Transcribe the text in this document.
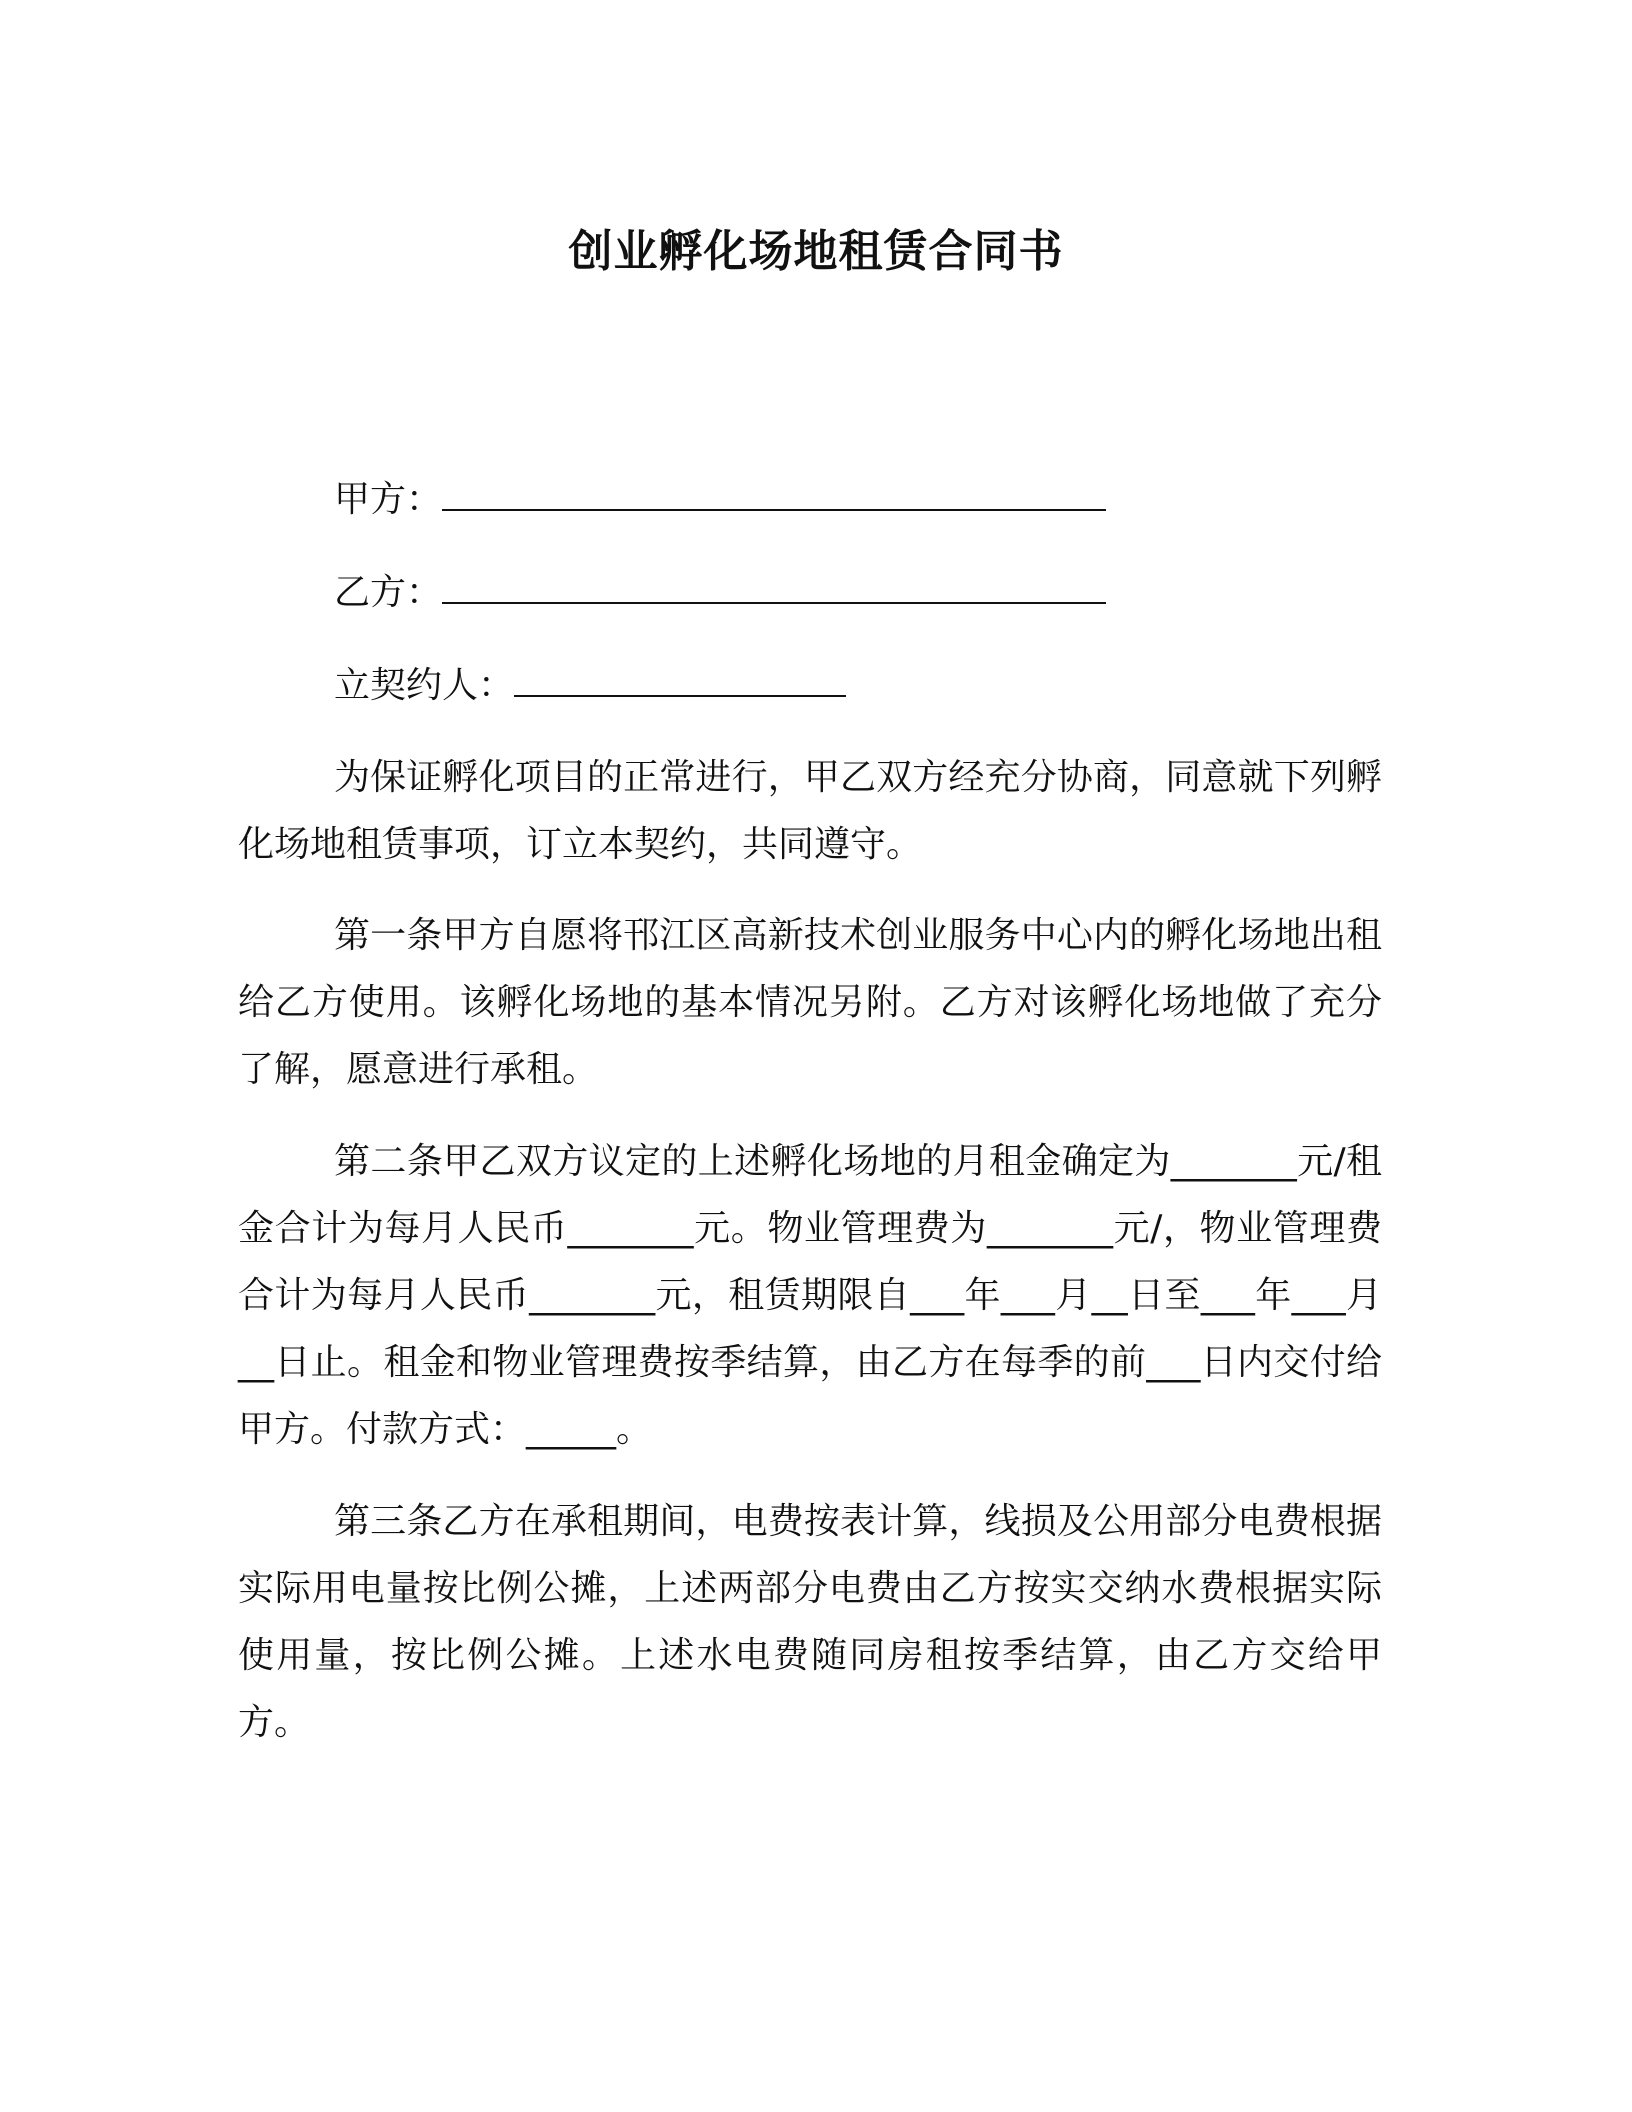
创业孵化场地租赁合同书
甲方：
乙方：
立契约人：

为保证孵化项目的正常进行，甲乙双方经充分协商，同意就下列孵化场地租赁事项，订立本契约，共同遵守。

第一条甲方自愿将邗江区高新技术创业服务中心内的孵化场地出租给乙方使用。该孵化场地的基本情况另附。乙方对该孵化场地做了充分了解，愿意进行承租。

第二条甲乙双方议定的上述孵化场地的月租金确定为_______元/租金合计为每月人民币_______元。物业管理费为_______元/，物业管理费合计为每月人民币_______元，租赁期限自___年___月__日至___年___月__日止。租金和物业管理费按季结算，由乙方在每季的前___日内交付给甲方。付款方式：_____。

第三条乙方在承租期间，电费按表计算，线损及公用部分电费根据实际用电量按比例公摊，上述两部分电费由乙方按实交纳水费根据实际使用量，按比例公摊。上述水电费随同房租按季结算，由乙方交给甲方。
